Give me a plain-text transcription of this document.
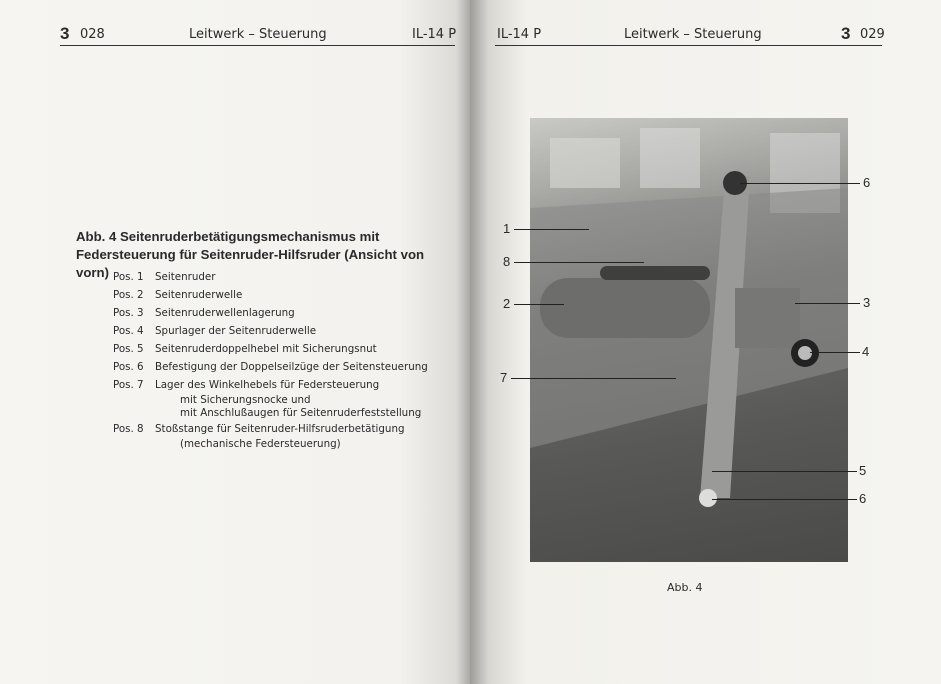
3 028	Leitwerk – Steuerung	IL-14 P
Abb. 4 Seitenruderbetätigungsmechanismus mit Federsteuerung für Seitenruder-Hilfsruder (Ansicht von vorn) Pos. 1	Seitenruder
Pos. 2	Seitenruderwelle
Pos. 3	Seitenruderwellenlagerung
Pos. 4	Spurlager der Seitenruderwelle
Pos. 5	Seitenruderdoppelhebel mit Sicherungsnut
Pos. 6	Befestigung der Doppelseilzüge der Seitensteuerung
Pos. 7	Lager des Winkelhebels für Federsteuerung
mit Sicherungsnocke und
mit Anschlußaugen für Seitenruderfeststellung
Pos. 8	Stoßstange für Seitenruder-Hilfsruderbetätigung
(mechanische Federsteuerung)
IL-14 P	Leitwerk – Steuerung	3 029
1
8
2
7
6
3
4
5
6
Abb. 4
